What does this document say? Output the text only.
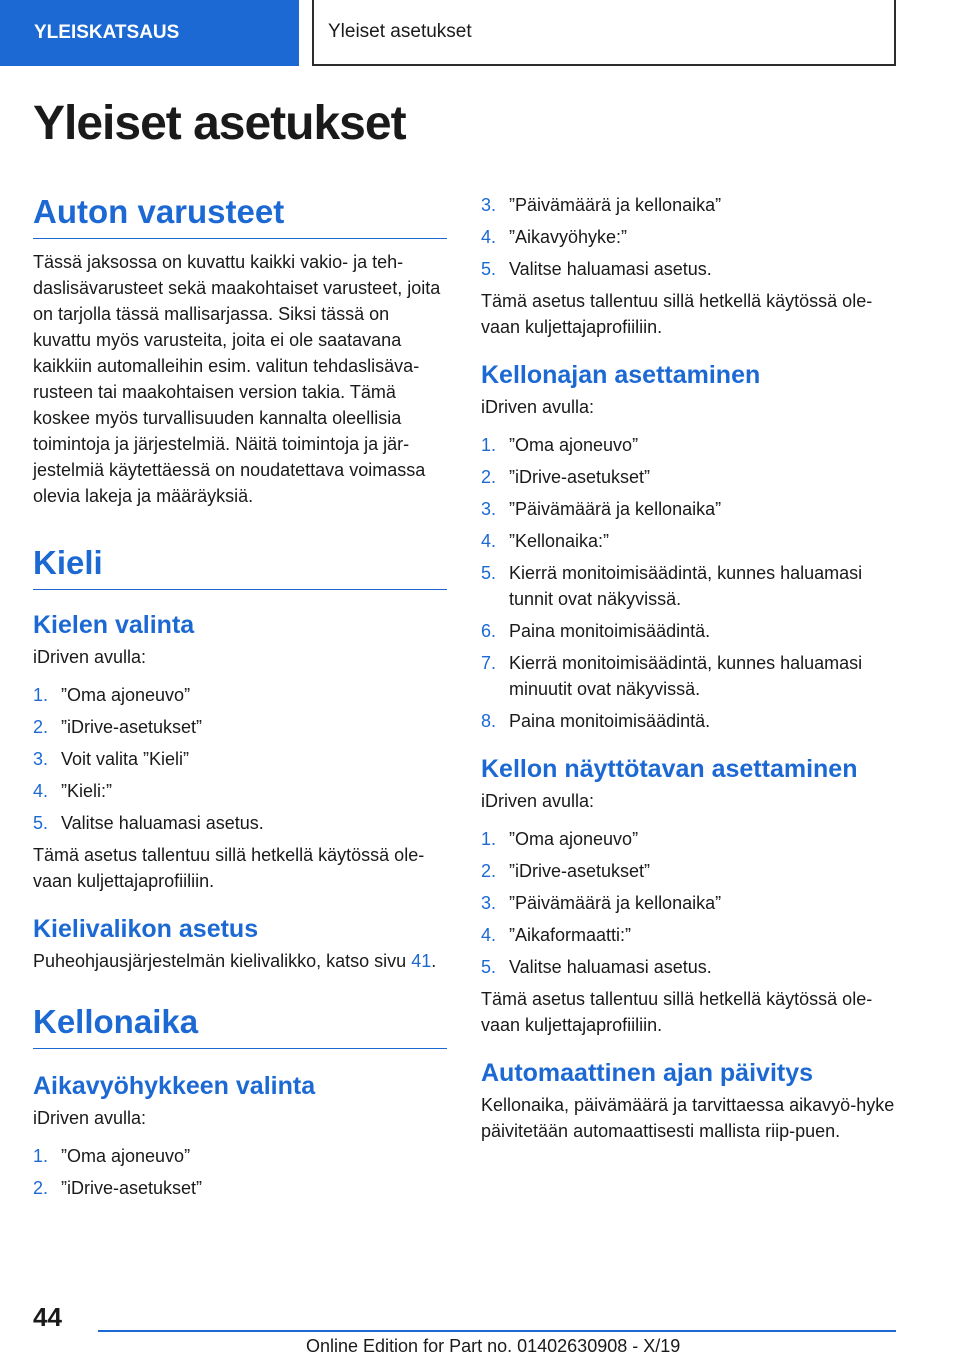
YLEISKATSAUS	Yleiset asetukset
Yleiset asetukset
Auton varusteet

Tässä jaksossa on kuvattu kaikki vakio- ja teh-daslisävarusteet sekä maakohtaiset varusteet, joita on tarjolla tässä mallisarjassa. Siksi tässä on kuvattu myös varusteita, joita ei ole saatavana kaikkiin automalleihin esim. valitun tehdaslisäva-rusteen tai maakohtaisen version takia. Tämä koskee myös turvallisuuden kannalta oleellisia toimintoja ja järjestelmiä. Näitä toimintoja ja jär-jestelmiä käytettäessä on noudatettava voimassa olevia lakeja ja määräyksiä.

Kieli
Kielen valinta

iDriven avulla:

1. ”Oma ajoneuvo”
2. ”iDrive-asetukset”
3. Voit valita ”Kieli”
4. ”Kieli:”
5. Valitse haluamasi asetus.

Tämä asetus tallentuu sillä hetkellä käytössä ole-vaan kuljettajaprofiiliin.

Kielivalikon asetus

Puheohjausjärjestelmän kielivalikko, katso sivu 41.

Kellonaika
Aikavyöhykkeen valinta

iDriven avulla:

1. ”Oma ajoneuvo”
2. ”iDrive-asetukset”
3. ”Päivämäärä ja kellonaika”
4. ”Aikavyöhyke:”
5. Valitse haluamasi asetus.

Tämä asetus tallentuu sillä hetkellä käytössä ole-vaan kuljettajaprofiiliin.

Kellonajan asettaminen

iDriven avulla:

1. ”Oma ajoneuvo”
2. ”iDrive-asetukset”
3. ”Päivämäärä ja kellonaika”
4. ”Kellonaika:”
5. Kierrä monitoimisäädintä, kunnes haluamasi tunnit ovat näkyvissä.
6. Paina monitoimisäädintä.
7. Kierrä monitoimisäädintä, kunnes haluamasi minuutit ovat näkyvissä.
8. Paina monitoimisäädintä.
Kellon näyttötavan asettaminen

iDriven avulla:

1. ”Oma ajoneuvo”
2. ”iDrive-asetukset”
3. ”Päivämäärä ja kellonaika”
4. ”Aikaformaatti:”
5. Valitse haluamasi asetus.

Tämä asetus tallentuu sillä hetkellä käytössä ole-vaan kuljettajaprofiiliin.

Automaattinen ajan päivitys

Kellonaika, päivämäärä ja tarvittaessa aikavyö-hyke päivitetään automaattisesti mallista riip-puen.

44
Online Edition for Part no. 01402630908 - X/19
